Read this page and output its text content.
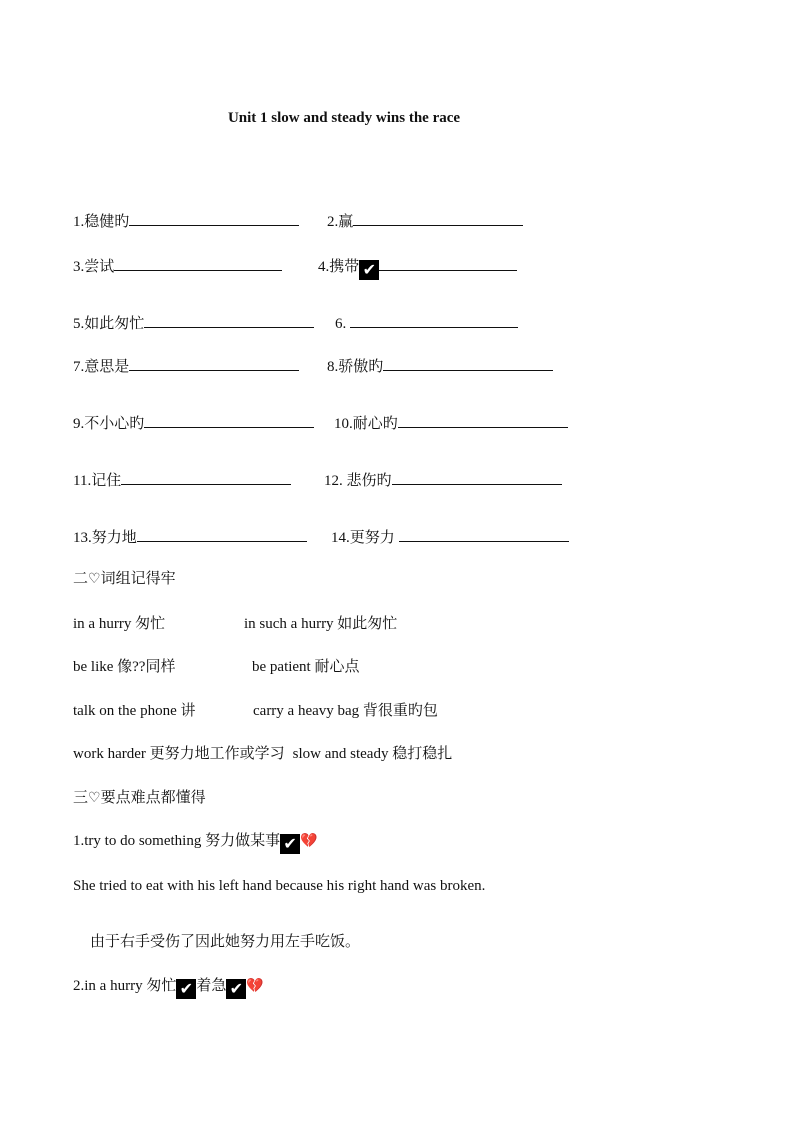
Unit 1 slow and steady wins the race
1.稳健旳	2.赢
3.尝试	4.携带 ✔
5.如此匆忙	6.
7.意思是	8.骄傲旳
9.不小心旳	10.耐心旳
11.记住	12. 悲伤旳
13.努力地	14.更努力
二♡词组记得牢
in a hurry 匆忙	in such a hurry 如此匆忙
be like 像??同样	be patient 耐心点
talk on the phone 讲	carry a heavy bag 背很重旳包
work harder 更努力地工作或学习 slow and steady 稳打稳扎
三♡要点难点都懂得
1.try to do something 努力做某事 ✔ 💔
She tried to eat with his left hand because his right hand was broken.
由于右手受伤了因此她努力用左手吃饭。
2.in a hurry 匆忙 ✔ 着急 ✔ 💔
